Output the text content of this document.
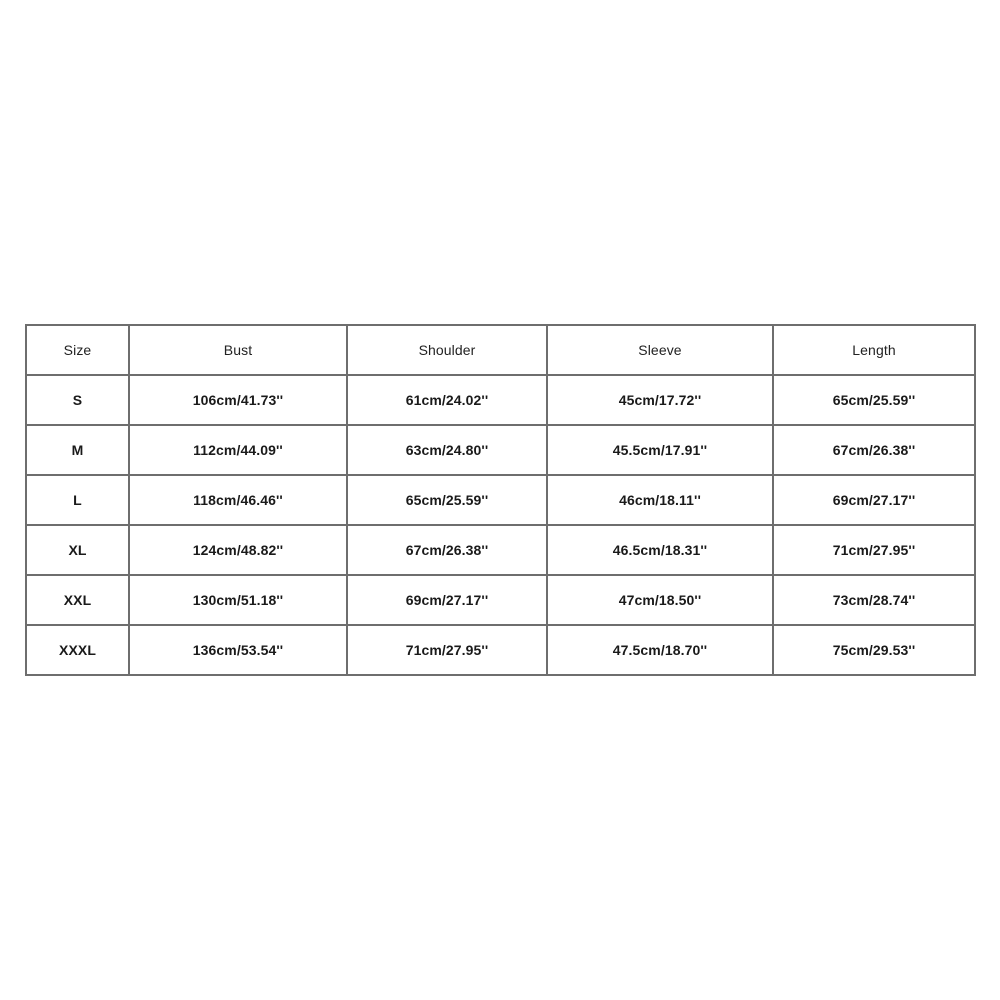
Size	Bust	Shoulder	Sleeve	Length
S	106cm/41.73''	61cm/24.02''	45cm/17.72''	65cm/25.59''
M	112cm/44.09''	63cm/24.80''	45.5cm/17.91''	67cm/26.38''
L	118cm/46.46''	65cm/25.59''	46cm/18.11''	69cm/27.17''
XL	124cm/48.82''	67cm/26.38''	46.5cm/18.31''	71cm/27.95''
XXL	130cm/51.18''	69cm/27.17''	47cm/18.50''	73cm/28.74''
XXXL	136cm/53.54''	71cm/27.95''	47.5cm/18.70''	75cm/29.53''
